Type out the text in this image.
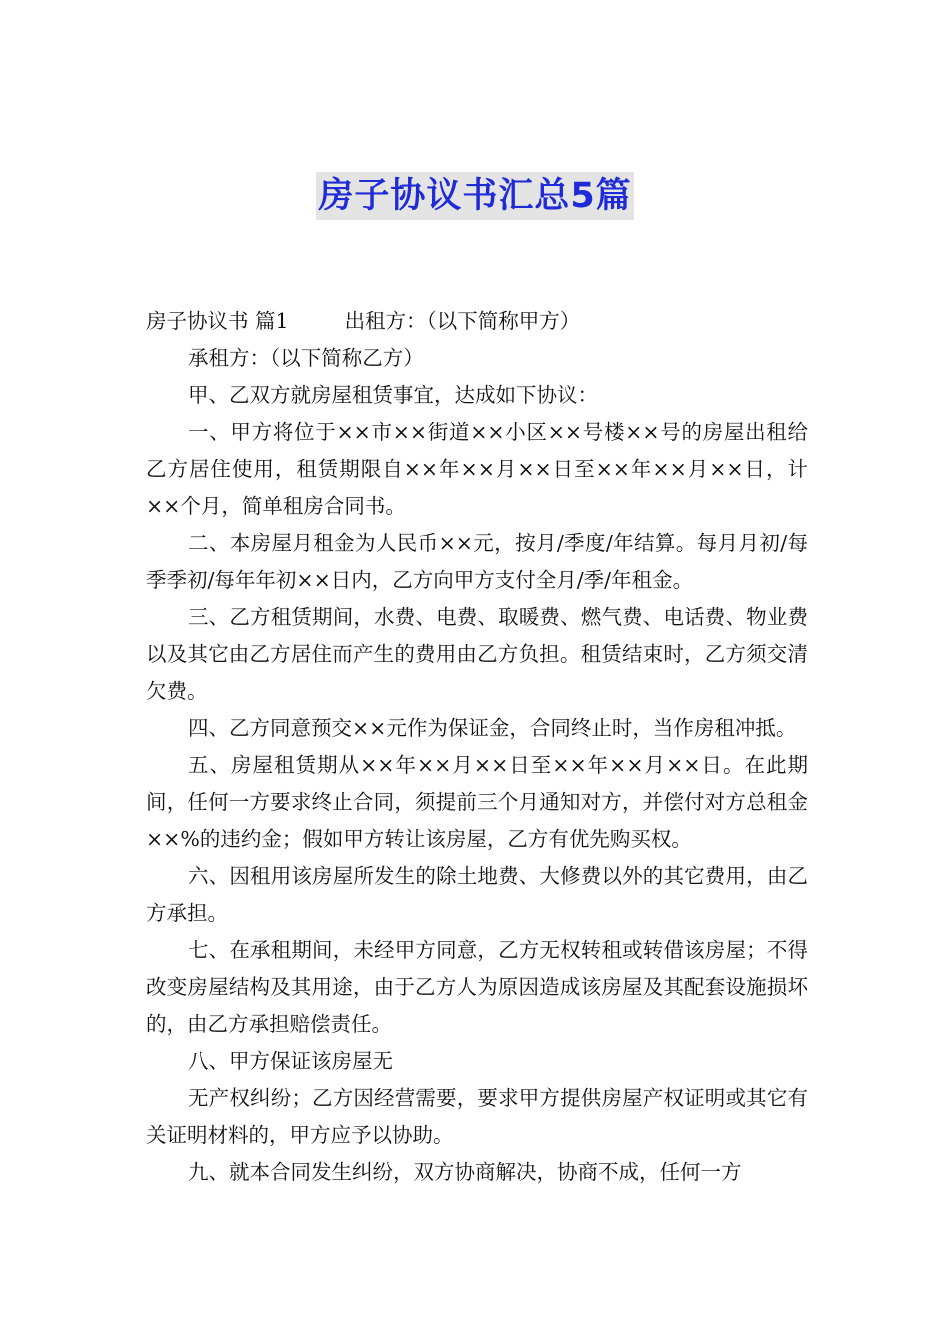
房子协议书汇总5篇

房子协议书 篇1	出租方：（以下简称甲方）

承租方：（以下简称乙方）

甲、乙双方就房屋租赁事宜，达成如下协议：

一、甲方将位于××市××街道××小区××号楼××号的房屋出租给乙方居住使用，租赁期限自××年××月××日至××年××月××日，计××个月，简单租房合同书。

二、本房屋月租金为人民币××元，按月/季度/年结算。每月月初/每季季初/每年年初××日内，乙方向甲方支付全月/季/年租金。

三、乙方租赁期间，水费、电费、取暖费、燃气费、电话费、物业费以及其它由乙方居住而产生的费用由乙方负担。租赁结束时，乙方须交清欠费。

四、乙方同意预交××元作为保证金，合同终止时，当作房租冲抵。

五、房屋租赁期从××年××月××日至××年××月××日。在此期间，任何一方要求终止合同，须提前三个月通知对方，并偿付对方总租金××%的违约金；假如甲方转让该房屋，乙方有优先购买权。

六、因租用该房屋所发生的除土地费、大修费以外的其它费用，由乙方承担。

七、在承租期间，未经甲方同意，乙方无权转租或转借该房屋；不得改变房屋结构及其用途，由于乙方人为原因造成该房屋及其配套设施损坏的，由乙方承担赔偿责任。

八、甲方保证该房屋无

无产权纠纷；乙方因经营需要，要求甲方提供房屋产权证明或其它有关证明材料的，甲方应予以协助。

九、就本合同发生纠纷，双方协商解决，协商不成，任何一方
